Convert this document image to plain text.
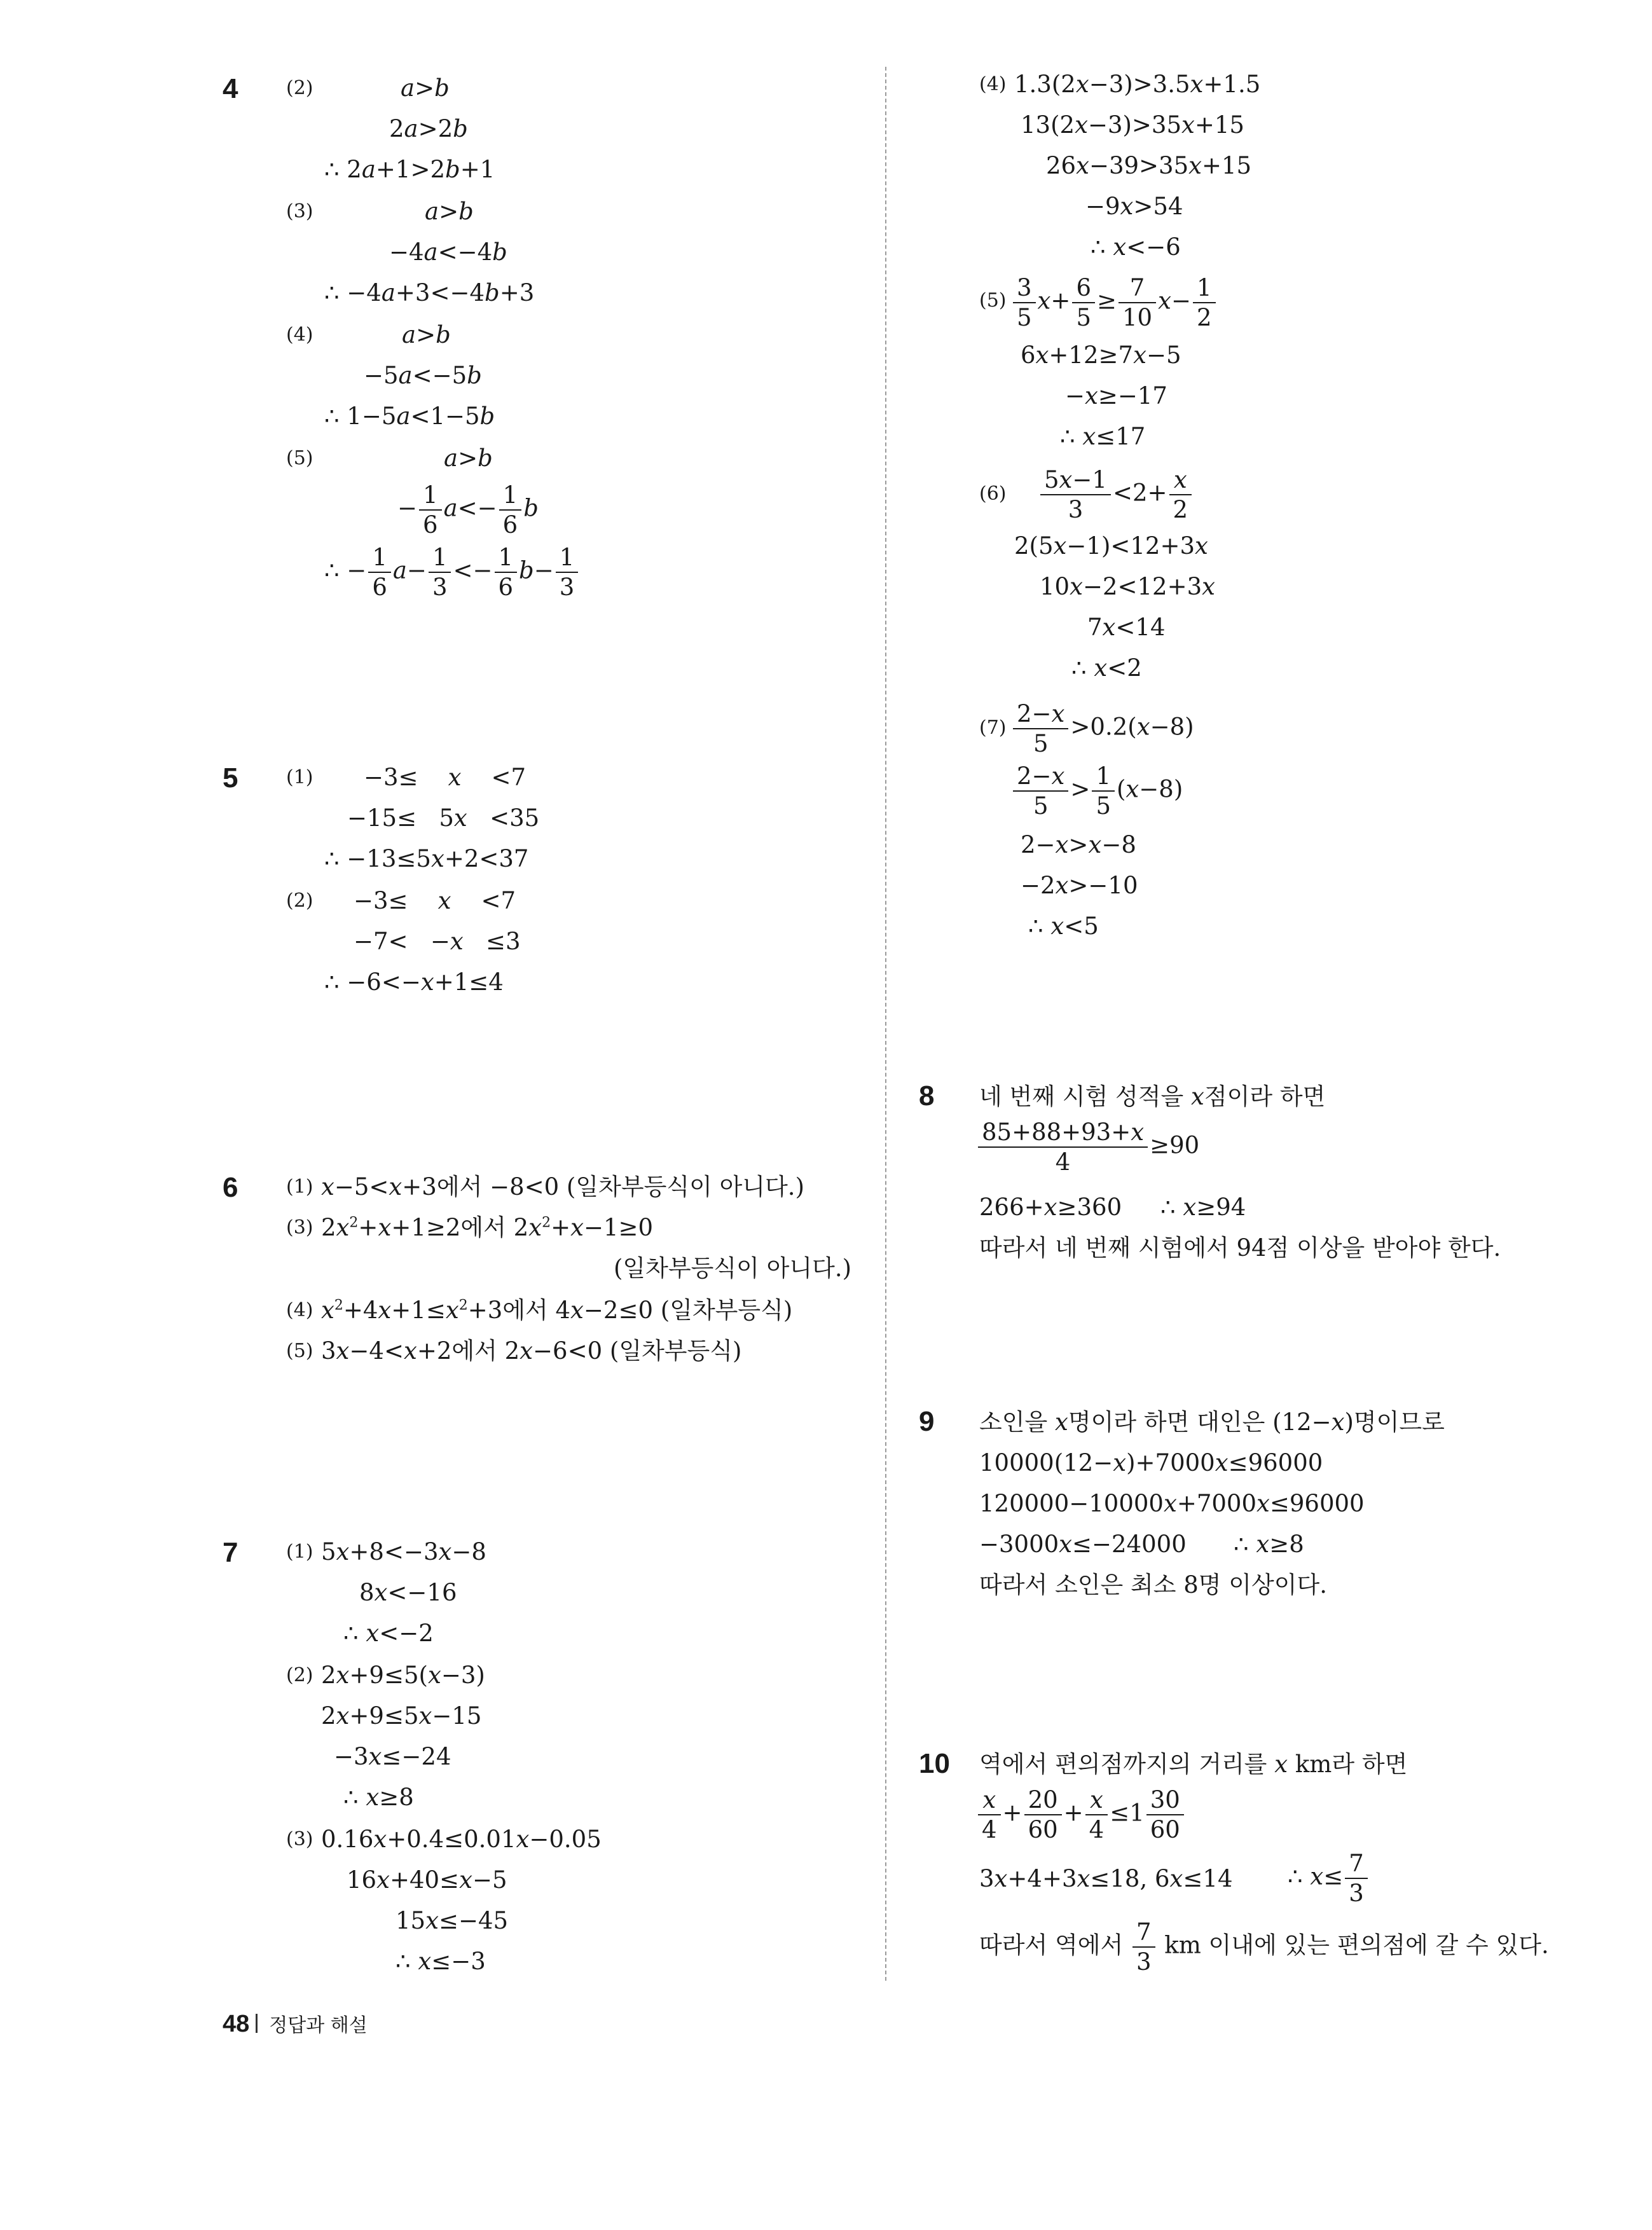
4	(2)	a>b
2a>2b
∴ 2a+1>2b+1
(3)	a>b
−4a<−4b
∴ −4a+3<−4b+3
(4)	a>b
−5a<−5b
∴ 1−5a<1−5b
(5)	a>b
− $\frac{1}{6} a<- \frac{1}{6}$ b
∴ − $\frac{1}{6} a- \frac{1}{3} <- \frac{1}{6} b- \frac{1}{3}$
5	(1) −3≤    x    <7
−15≤   5x   <35
∴ −13≤5x+2<37
(2) −3≤    x    <7
−7<   −x   ≤3
∴ −6<−x+1≤4
6	(1) x−5<x+3에서 −8<0 (일차부등식이 아니다.)
(3) $2x^2+x+1\ge 2$에서 $2x^2+x-1\ge 0$
(일차부등식이 아니다.)
(4) $x^2+4x+1\le x^2+3$에서 4x−2≤0 (일차부등식)
(5) 3x−4<x+2에서 2x−6<0 (일차부등식)
7	(1) 5x+8<−3x−8
8x<−16
∴ x<−2
(2) 2x+9≤5(x−3)
2x+9≤5x−15
−3x≤−24
∴ x≥8
(3) 0.16x+0.4≤0.01x−0.05
16x+40≤x−5
15x≤−45
∴ x≤−3
(4) 1.3(2x−3)>3.5x+1.5
13(2x−3)>35x+15
26x−39>35x+15
−9x>54
∴ x<−6
$(5) \frac{3}{5} x+ \frac{6}{5} \ge \frac{7}{10} x- \frac{1}{2}$
6x+12≥7x−5
−x≥−17
∴ x≤17
$(6) \frac{5x-1}{3} <2+ \frac{x}{2}$
2(5x−1)<12+3x
10x−2<12+3x
7x<14
∴ x<2
$(7) \frac{2-x}{5} >0.2(x-8)$
$\frac{2-x}{5} > \frac{1}{5} (x-8)$
2−x>x−8
−2x>−10
∴ x<5
8 네 번째 시험 성적을 x점이라 하면
$\frac{85+88+93+x}{4} \ge 90$
266+x≥360 ∴ x≥94
따라서 네 번째 시험에서 94점 이상을 받아야 한다.
9 소인을 x명이라 하면 대인은 (12−x)명이므로
10000(12−x)+7000x≤96000
120000−10000x+7000x≤96000
−3000x≤−24000 ∴ x≥8
따라서 소인은 최소 8명 이상이다.
10 역에서 편의점까지의 거리를 x km라 하면
$\frac{x}{4} + \frac{20}{60} + \frac{x}{4} \le 1 \frac{30}{60}$
3x+4+3x≤18, 6x≤14 ∴ $x\le \frac{7}{3}$
따라서 역에서 $\frac{7}{3}$ km 이내에 있는 편의점에 갈 수 있다.
48 정답과 해설
